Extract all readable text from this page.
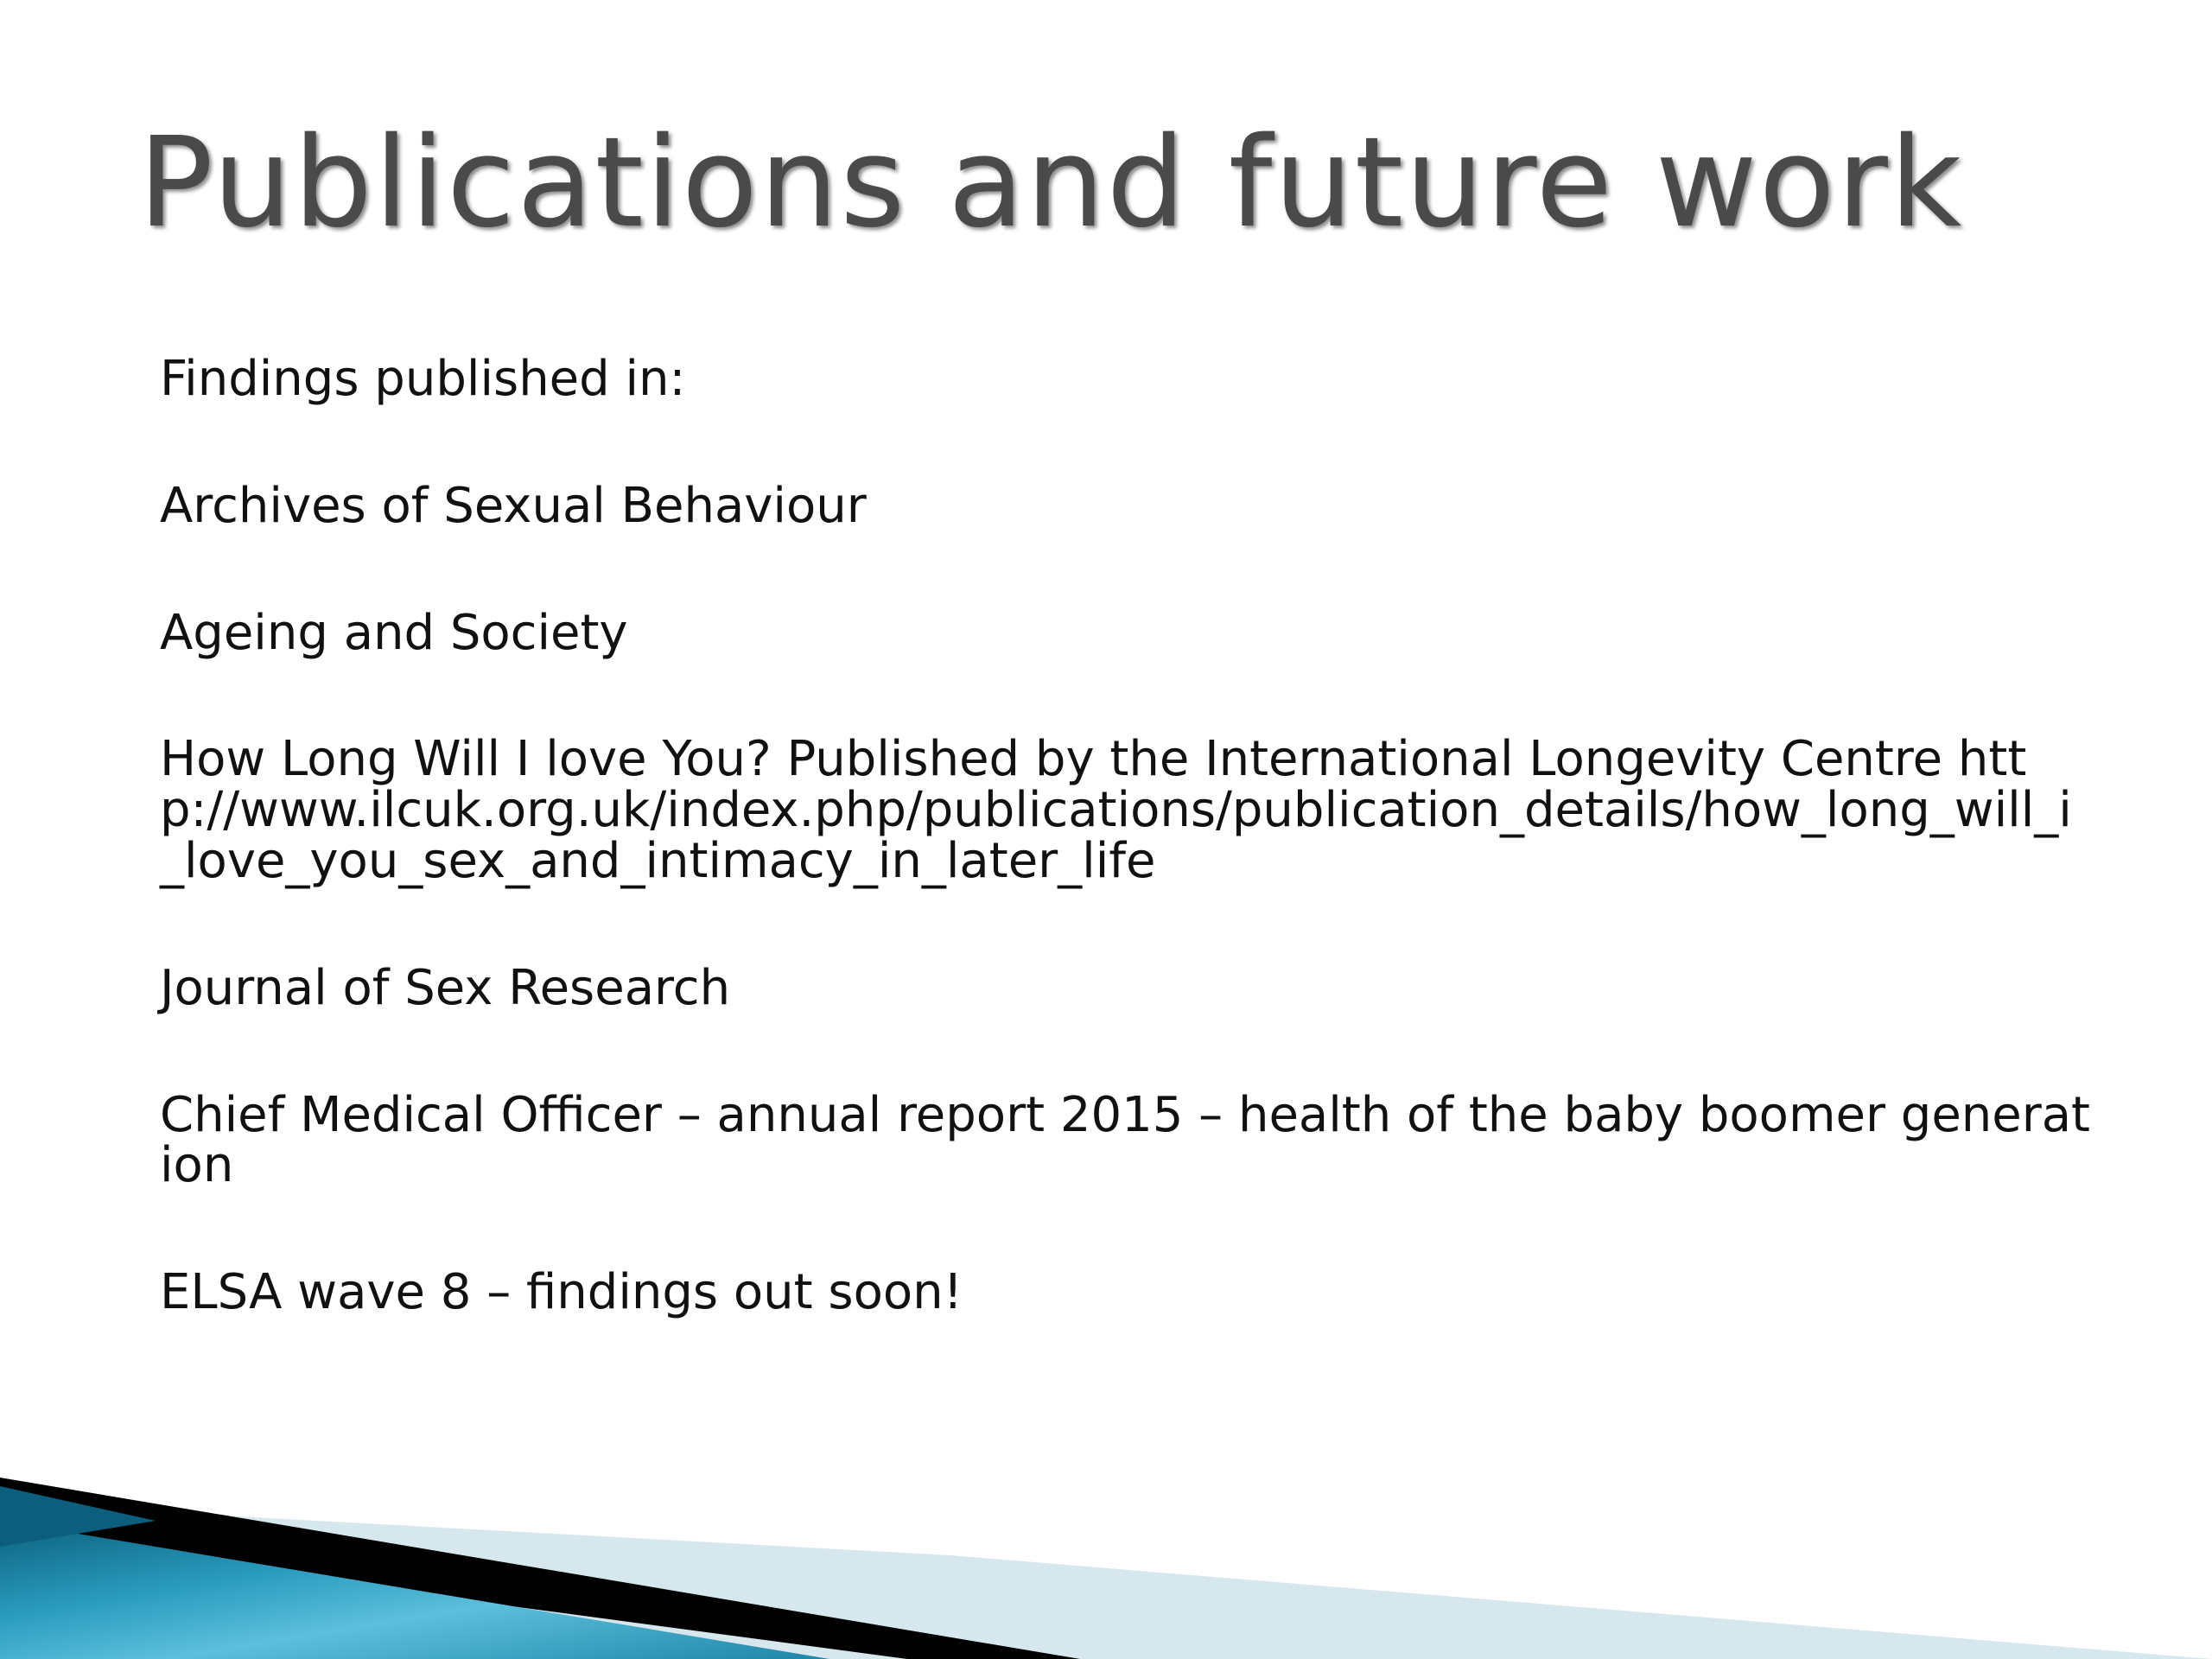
Publications and future work

Findings published in:

Archives of Sexual Behaviour

Ageing and Society

How Long Will I love You? Published by the International Longevity Centre http://www.ilcuk.org.uk/index.php/publications/publication_details/how_long_will_i_love_you_sex_and_intimacy_in_later_life

Journal of Sex Research

Chief Medical Officer – annual report 2015 – health of the baby boomer generation

ELSA wave 8 – findings out soon!
